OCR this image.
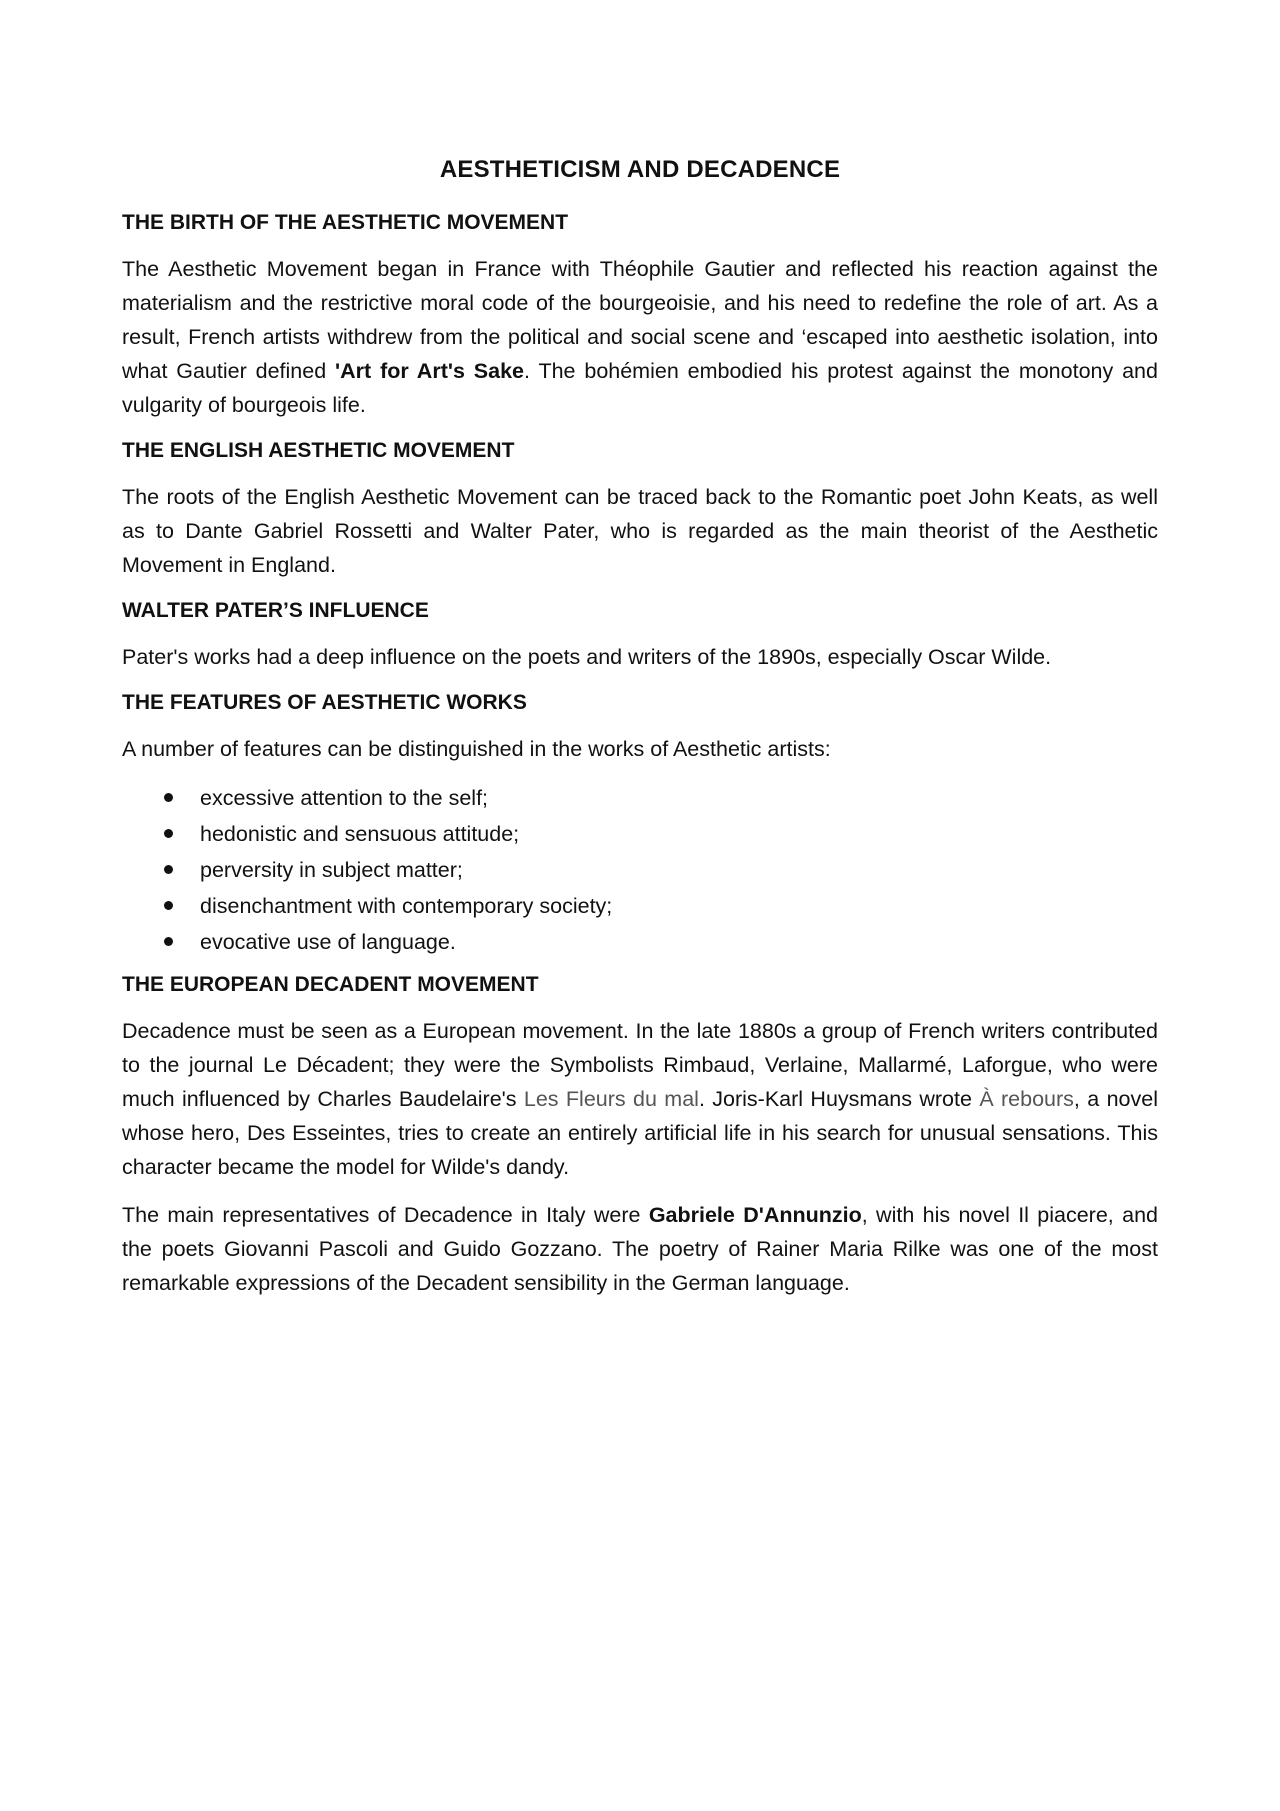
AESTHETICISM AND DECADENCE
THE BIRTH OF THE AESTHETIC MOVEMENT

The Aesthetic Movement began in France with Théophile Gautier and reflected his reaction against the materialism and the restrictive moral code of the bourgeoisie, and his need to redefine the role of art. As a result, French artists withdrew from the political and social scene and ‘escaped into aesthetic isolation, into what Gautier defined 'Art for Art's Sake. The bohémien embodied his protest against the monotony and vulgarity of bourgeois life.

THE ENGLISH AESTHETIC MOVEMENT

The roots of the English Aesthetic Movement can be traced back to the Romantic poet John Keats, as well as to Dante Gabriel Rossetti and Walter Pater, who is regarded as the main theorist of the Aesthetic Movement in England.

WALTER PATER’S INFLUENCE

Pater's works had a deep influence on the poets and writers of the 1890s, especially Oscar Wilde.

THE FEATURES OF AESTHETIC WORKS

A number of features can be distinguished in the works of Aesthetic artists:

excessive attention to the self;
hedonistic and sensuous attitude;
perversity in subject matter;
disenchantment with contemporary society;
evocative use of language.
THE EUROPEAN DECADENT MOVEMENT

Decadence must be seen as a European movement. In the late 1880s a group of French writers contributed to the journal Le Décadent; they were the Symbolists Rimbaud, Verlaine, Mallarmé, Laforgue, who were much influenced by Charles Baudelaire's Les Fleurs du mal. Joris-Karl Huysmans wrote À rebours, a novel whose hero, Des Esseintes, tries to create an entirely artificial life in his search for unusual sensations. This character became the model for Wilde's dandy.

The main representatives of Decadence in Italy were Gabriele D'Annunzio, with his novel Il piacere, and the poets Giovanni Pascoli and Guido Gozzano. The poetry of Rainer Maria Rilke was one of the most remarkable expressions of the Decadent sensibility in the German language.
